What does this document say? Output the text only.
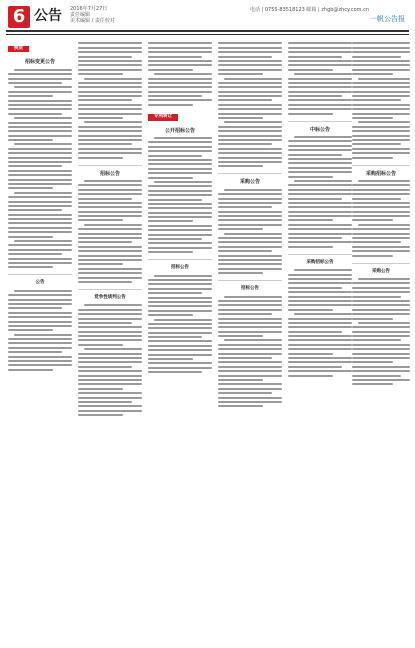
6 公告 2016年7月27日
责任编辑
美术编辑 / 责任校对
电话 | 0755-83518123 邮箱 | zhgb@zhcy.com.cn
一帆公告报
换货
招标变更公告
公告
招标公告
竞争性谈判公告
专利转让
公开招标公告
招标公告
采购公告
招标公告
中标公告
采购招标公告
采购招标公告
采购公告
